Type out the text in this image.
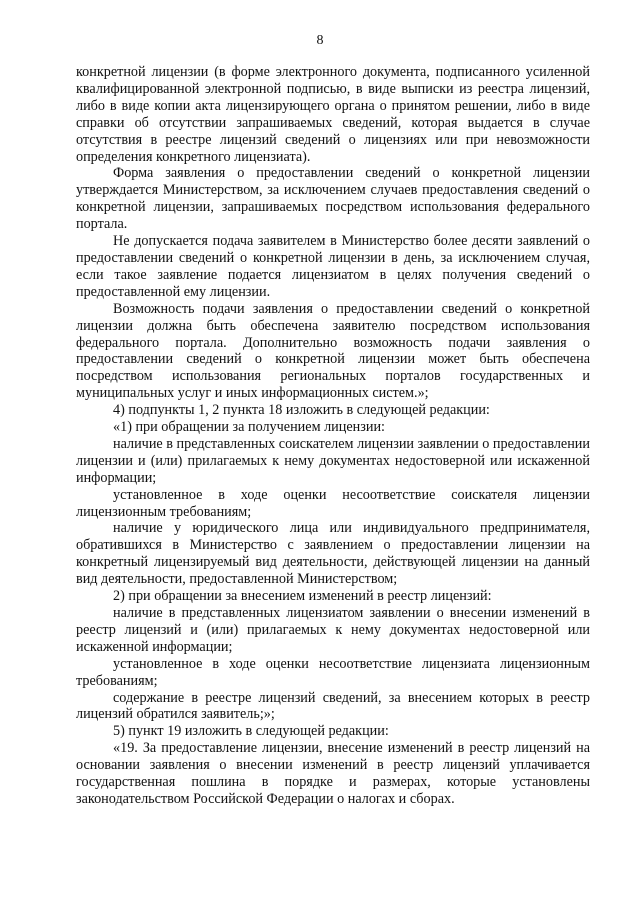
8

конкретной лицензии (в форме электронного документа, подписанного усиленной квалифицированной электронной подписью, в виде выписки из реестра лицензий, либо в виде копии акта лицензирующего органа о принятом решении, либо в виде справки об отсутствии запрашиваемых сведений, которая выдается в случае отсутствия в реестре лицензий сведений о лицензиях или при невозможности определения конкретного лицензиата).

Форма заявления о предоставлении сведений о конкретной лицензии утверждается Министерством, за исключением случаев предоставления сведений о конкретной лицензии, запрашиваемых посредством использования федерального портала.

Не допускается подача заявителем в Министерство более десяти заявлений о предоставлении сведений о конкретной лицензии в день, за исключением случая, если такое заявление подается лицензиатом в целях получения сведений о предоставленной ему лицензии.

Возможность подачи заявления о предоставлении сведений о конкретной лицензии должна быть обеспечена заявителю посредством использования федерального портала. Дополнительно возможность подачи заявления о предоставлении сведений о конкретной лицензии может быть обеспечена посредством использования региональных порталов государственных и муниципальных услуг и иных информационных систем.»;

4) подпункты 1, 2 пункта 18 изложить в следующей редакции:

«1) при обращении за получением лицензии:

наличие в представленных соискателем лицензии заявлении о предоставлении лицензии и (или) прилагаемых к нему документах недостоверной или искаженной информации;

установленное в ходе оценки несоответствие соискателя лицензии лицензионным требованиям;

наличие у юридического лица или индивидуального предпринимателя, обратившихся в Министерство с заявлением о предоставлении лицензии на конкретный лицензируемый вид деятельности, действующей лицензии на данный вид деятельности, предоставленной Министерством;

2) при обращении за внесением изменений в реестр лицензий:

наличие в представленных лицензиатом заявлении о внесении изменений в реестр лицензий и (или) прилагаемых к нему документах недостоверной или искаженной информации;

установленное в ходе оценки несоответствие лицензиата лицензионным требованиям;

содержание в реестре лицензий сведений, за внесением которых в реестр лицензий обратился заявитель;»;

5) пункт 19 изложить в следующей редакции:

«19. За предоставление лицензии, внесение изменений в реестр лицензий на основании заявления о внесении изменений в реестр лицензий уплачивается государственная пошлина в порядке и размерах, которые установлены законодательством Российской Федерации о налогах и сборах.
